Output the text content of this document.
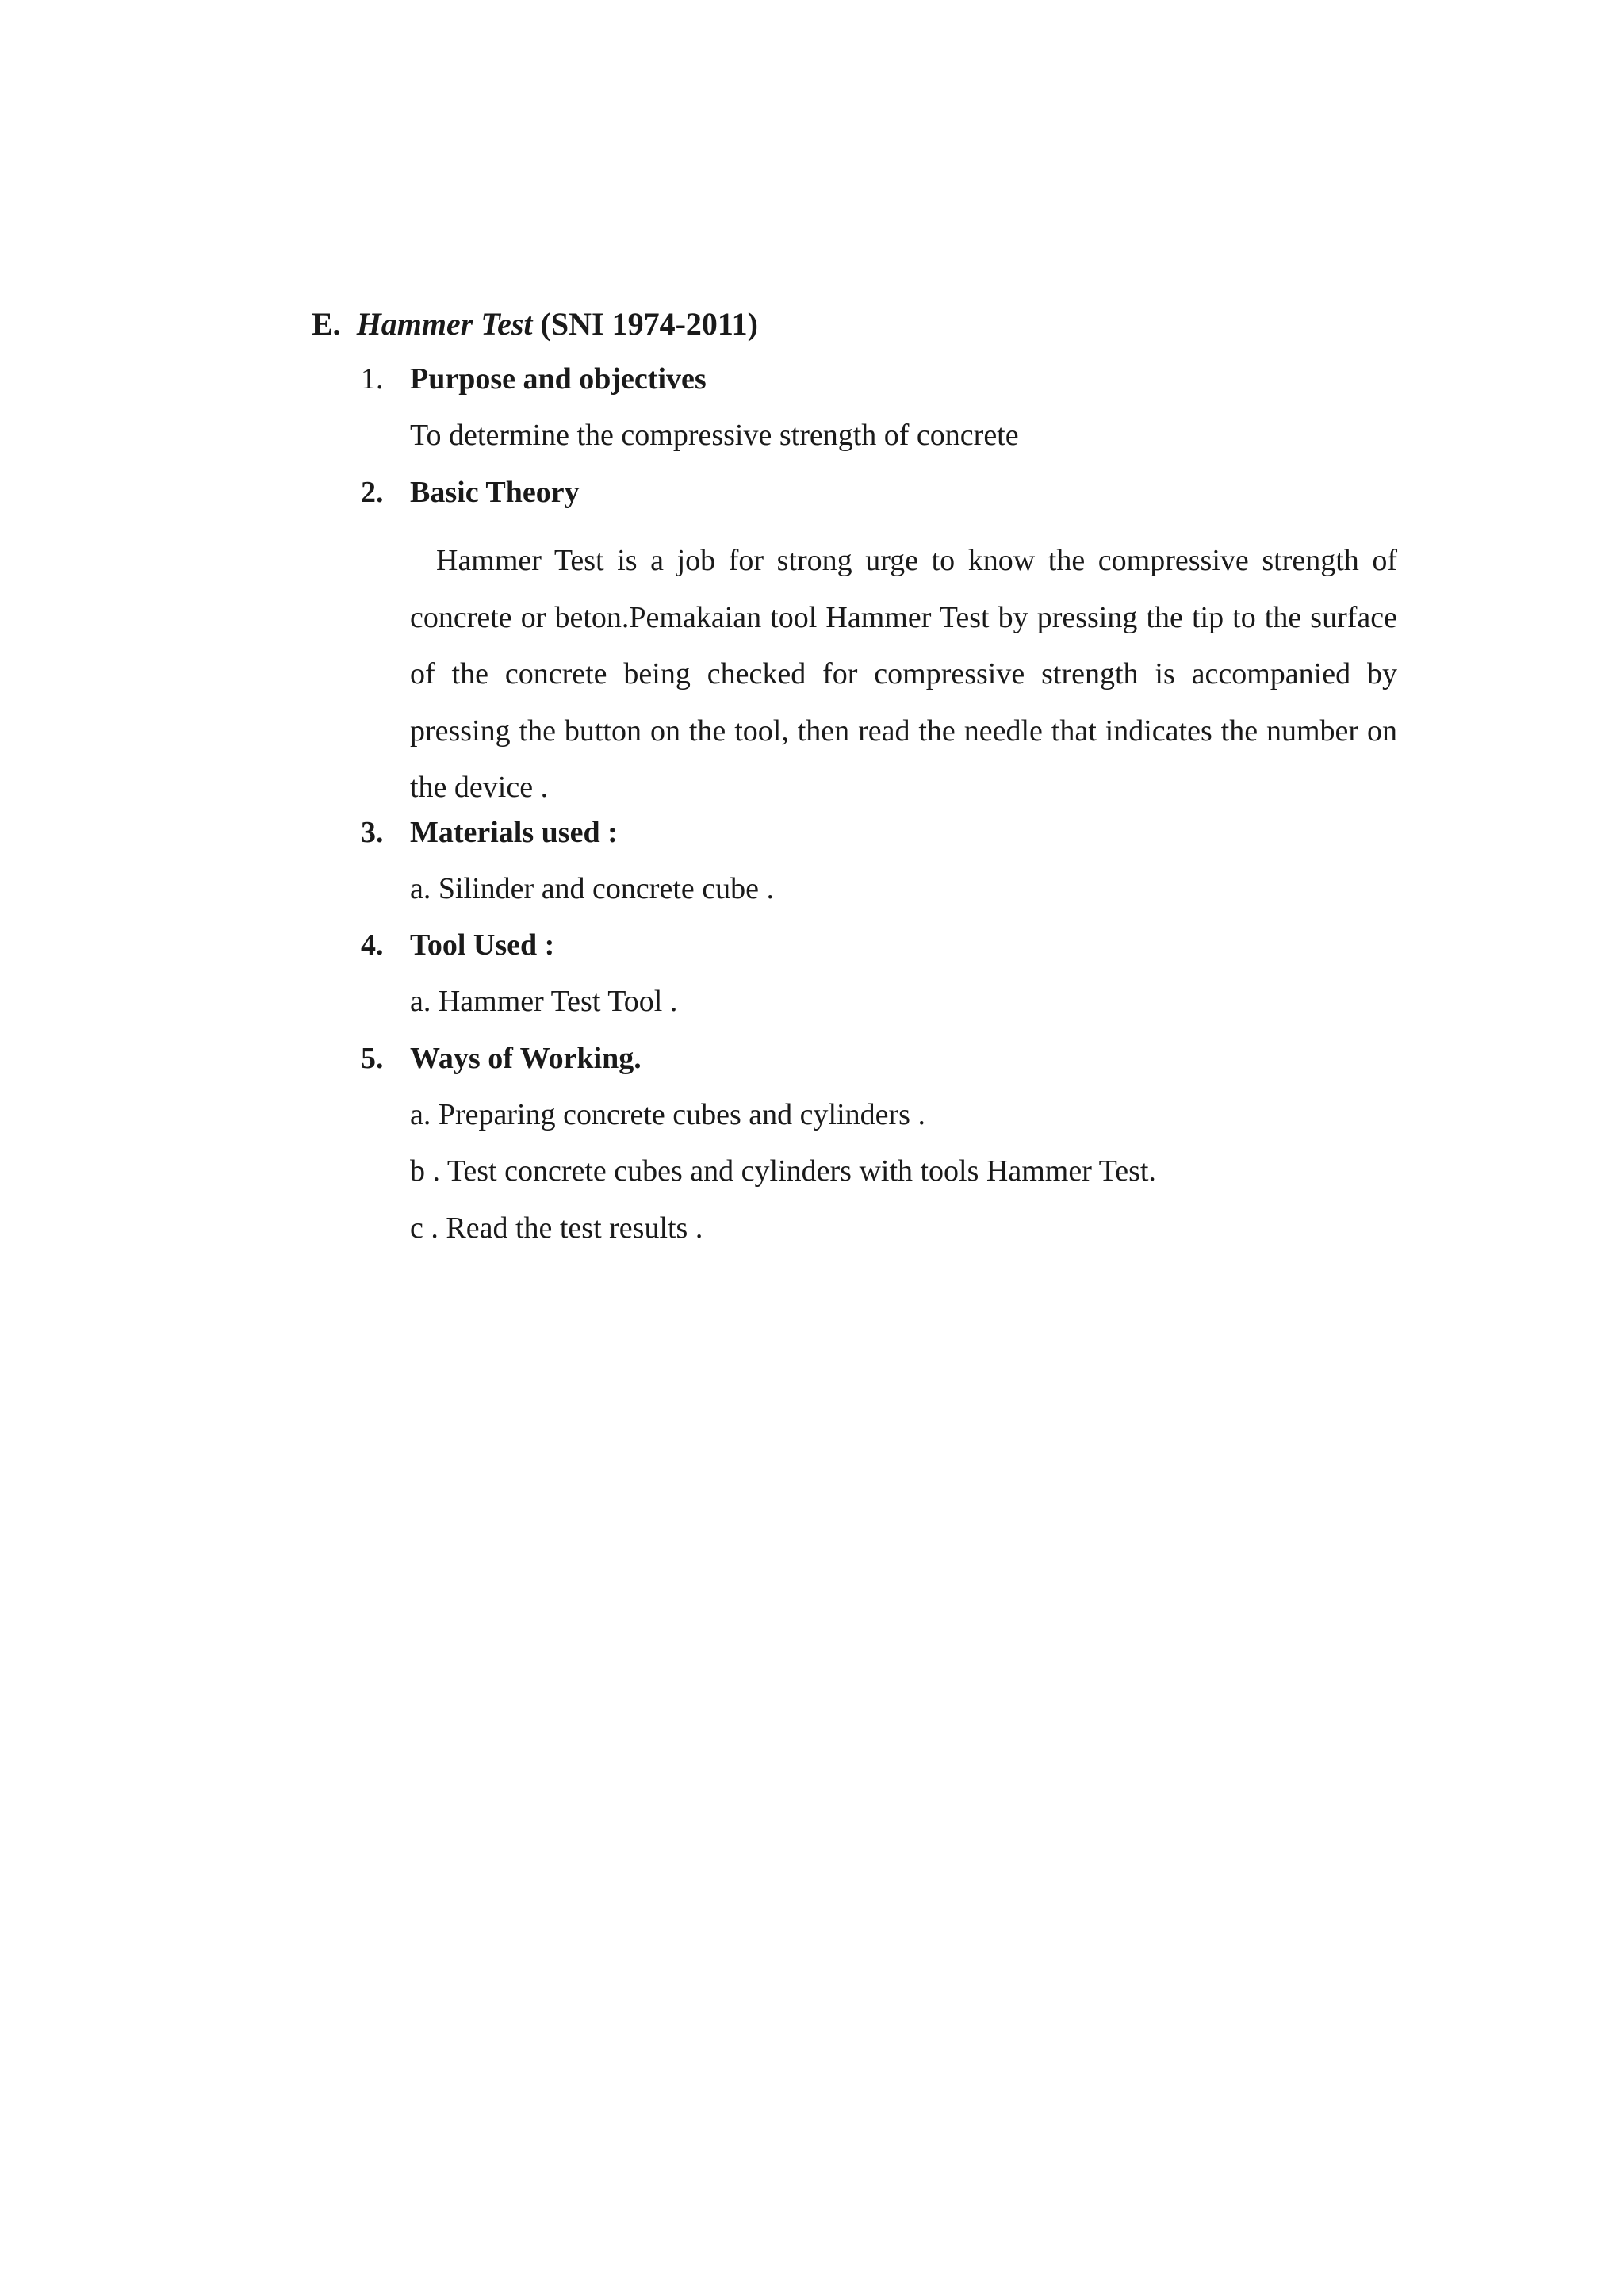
E. Hammer Test (SNI 1974-2011)
1. Purpose and objectives
To determine the compressive strength of concrete
2. Basic Theory
Hammer Test is a job for strong urge to know the compressive strength of concrete or beton.Pemakaian tool Hammer Test by pressing the tip to the surface of the concrete being checked for compressive strength is accompanied by pressing the button on the tool, then read the needle that indicates the number on the device .
3. Materials used :
a. Silinder and concrete cube .
4. Tool Used :
a. Hammer Test Tool .
5. Ways of Working.
a. Preparing concrete cubes and cylinders .
b . Test concrete cubes and cylinders with tools Hammer Test.
c . Read the test results .
